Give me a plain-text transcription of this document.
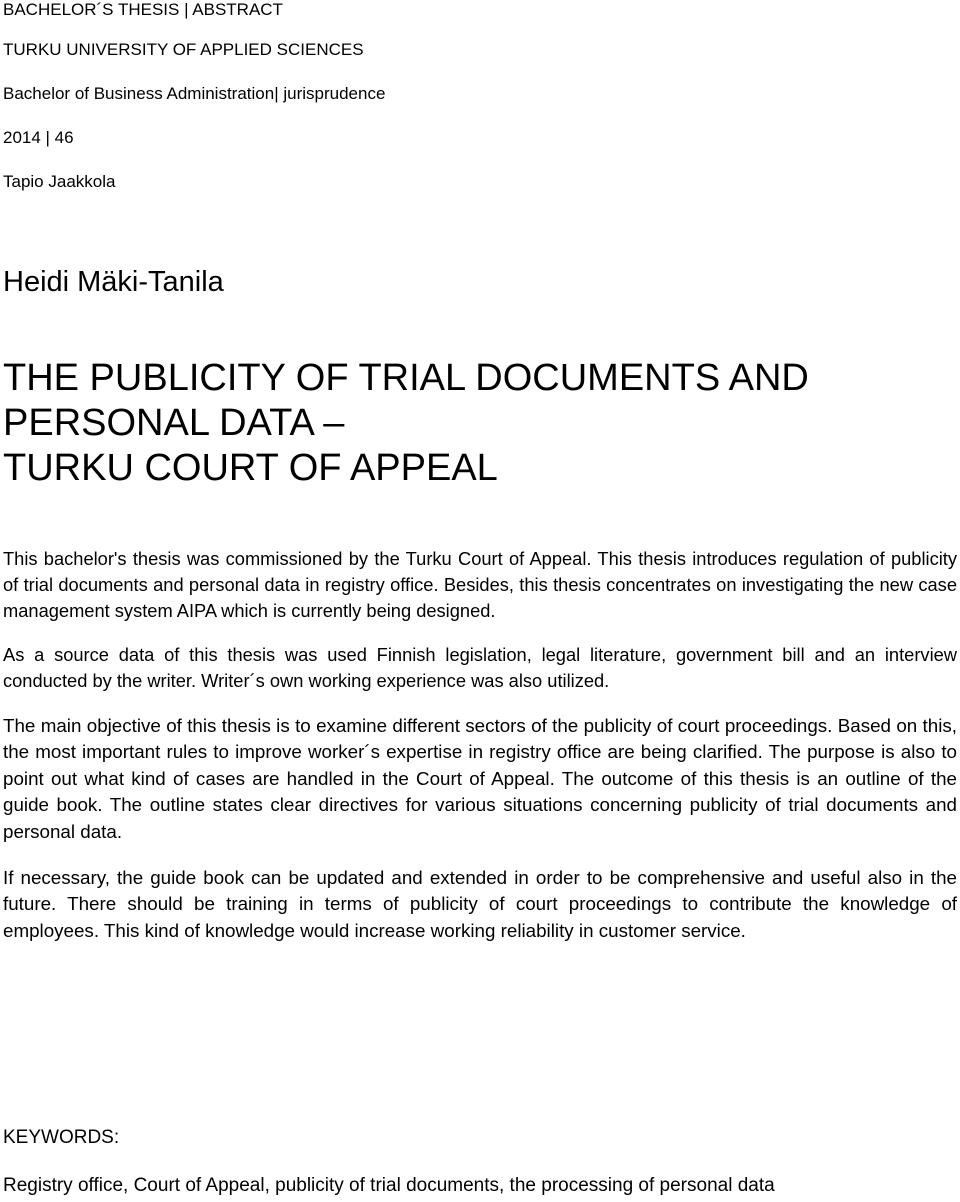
BACHELOR´S THESIS | ABSTRACT
TURKU UNIVERSITY OF APPLIED SCIENCES
Bachelor of Business Administration| jurisprudence
2014 | 46
Tapio Jaakkola
Heidi Mäki-Tanila
THE PUBLICITY OF TRIAL DOCUMENTS AND
PERSONAL DATA –
TURKU COURT OF APPEAL

This bachelor's thesis was commissioned by the Turku Court of Appeal. This thesis introduces regulation of publicity of trial documents and personal data in registry office. Besides, this thesis concentrates on investigating the new case management system AIPA which is currently being designed.

As a source data of this thesis was used Finnish legislation, legal literature, government bill and an interview conducted by the writer. Writer´s own working experience was also utilized.

The main objective of this thesis is to examine different sectors of the publicity of court proceedings. Based on this, the most important rules to improve worker´s expertise in registry office are being clarified. The purpose is also to point out what kind of cases are handled in the Court of Appeal. The outcome of this thesis is an outline of the guide book. The outline states clear directives for various situations concerning publicity of trial documents and personal data.

If necessary, the guide book can be updated and extended in order to be comprehensive and useful also in the future. There should be training in terms of publicity of court proceedings to contribute the knowledge of employees. This kind of knowledge would increase working reliability in customer service.

KEYWORDS:
Registry office, Court of Appeal, publicity of trial documents, the processing of personal data
